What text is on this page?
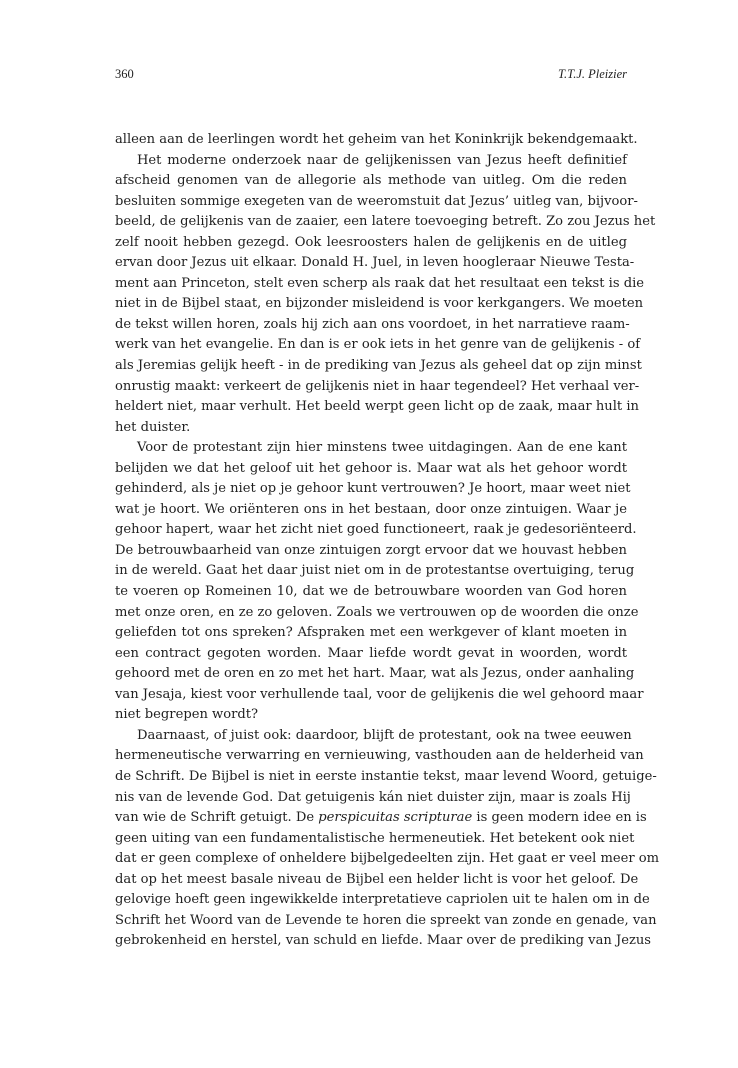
360	T.T.J. Pleizier
alleen aan de leerlingen wordt het geheim van het Koninkrijk bekendgemaakt.
Het moderne onderzoek naar de gelijkenissen van Jezus heeft definitief
afscheid genomen van de allegorie als methode van uitleg. Om die reden
besluiten sommige exegeten van de weeromstuit dat Jezus’ uitleg van, bijvoor-
beeld, de gelijkenis van de zaaier, een latere toevoeging betreft. Zo zou Jezus het
zelf nooit hebben gezegd. Ook leesroosters halen de gelijkenis en de uitleg
ervan door Jezus uit elkaar. Donald H. Juel, in leven hoogleraar Nieuwe Testa-
ment aan Princeton, stelt even scherp als raak dat het resultaat een tekst is die
niet in de Bijbel staat, en bijzonder misleidend is voor kerkgangers. We moeten
de tekst willen horen, zoals hij zich aan ons voordoet, in het narratieve raam-
werk van het evangelie. En dan is er ook iets in het genre van de gelijkenis - of
als Jeremias gelijk heeft - in de prediking van Jezus als geheel dat op zijn minst
onrustig maakt: verkeert de gelijkenis niet in haar tegendeel? Het verhaal ver-
heldert niet, maar verhult. Het beeld werpt geen licht op de zaak, maar hult in
het duister.
Voor de protestant zijn hier minstens twee uitdagingen. Aan de ene kant
belijden we dat het geloof uit het gehoor is. Maar wat als het gehoor wordt
gehinderd, als je niet op je gehoor kunt vertrouwen? Je hoort, maar weet niet
wat je hoort. We oriënteren ons in het bestaan, door onze zintuigen. Waar je
gehoor hapert, waar het zicht niet goed functioneert, raak je gedesoriënteerd.
De betrouwbaarheid van onze zintuigen zorgt ervoor dat we houvast hebben
in de wereld. Gaat het daar juist niet om in de protestantse overtuiging, terug
te voeren op Romeinen 10, dat we de betrouwbare woorden van God horen
met onze oren, en ze zo geloven. Zoals we vertrouwen op de woorden die onze
geliefden tot ons spreken? Afspraken met een werkgever of klant moeten in
een contract gegoten worden. Maar liefde wordt gevat in woorden, wordt
gehoord met de oren en zo met het hart. Maar, wat als Jezus, onder aanhaling
van Jesaja, kiest voor verhullende taal, voor de gelijkenis die wel gehoord maar
niet begrepen wordt?
Daarnaast, of juist ook: daardoor, blijft de protestant, ook na twee eeuwen
hermeneutische verwarring en vernieuwing, vasthouden aan de helderheid van
de Schrift. De Bijbel is niet in eerste instantie tekst, maar levend Woord, getuige-
nis van de levende God. Dat getuigenis kán niet duister zijn, maar is zoals Hij
van wie de Schrift getuigt. De perspicuitas scripturae is geen modern idee en is
geen uiting van een fundamentalistische hermeneutiek. Het betekent ook niet
dat er geen complexe of onheldere bijbelgedeelten zijn. Het gaat er veel meer om
dat op het meest basale niveau de Bijbel een helder licht is voor het geloof. De
gelovige hoeft geen ingewikkelde interpretatieve capriolen uit te halen om in de
Schrift het Woord van de Levende te horen die spreekt van zonde en genade, van
gebrokenheid en herstel, van schuld en liefde. Maar over de prediking van Jezus
